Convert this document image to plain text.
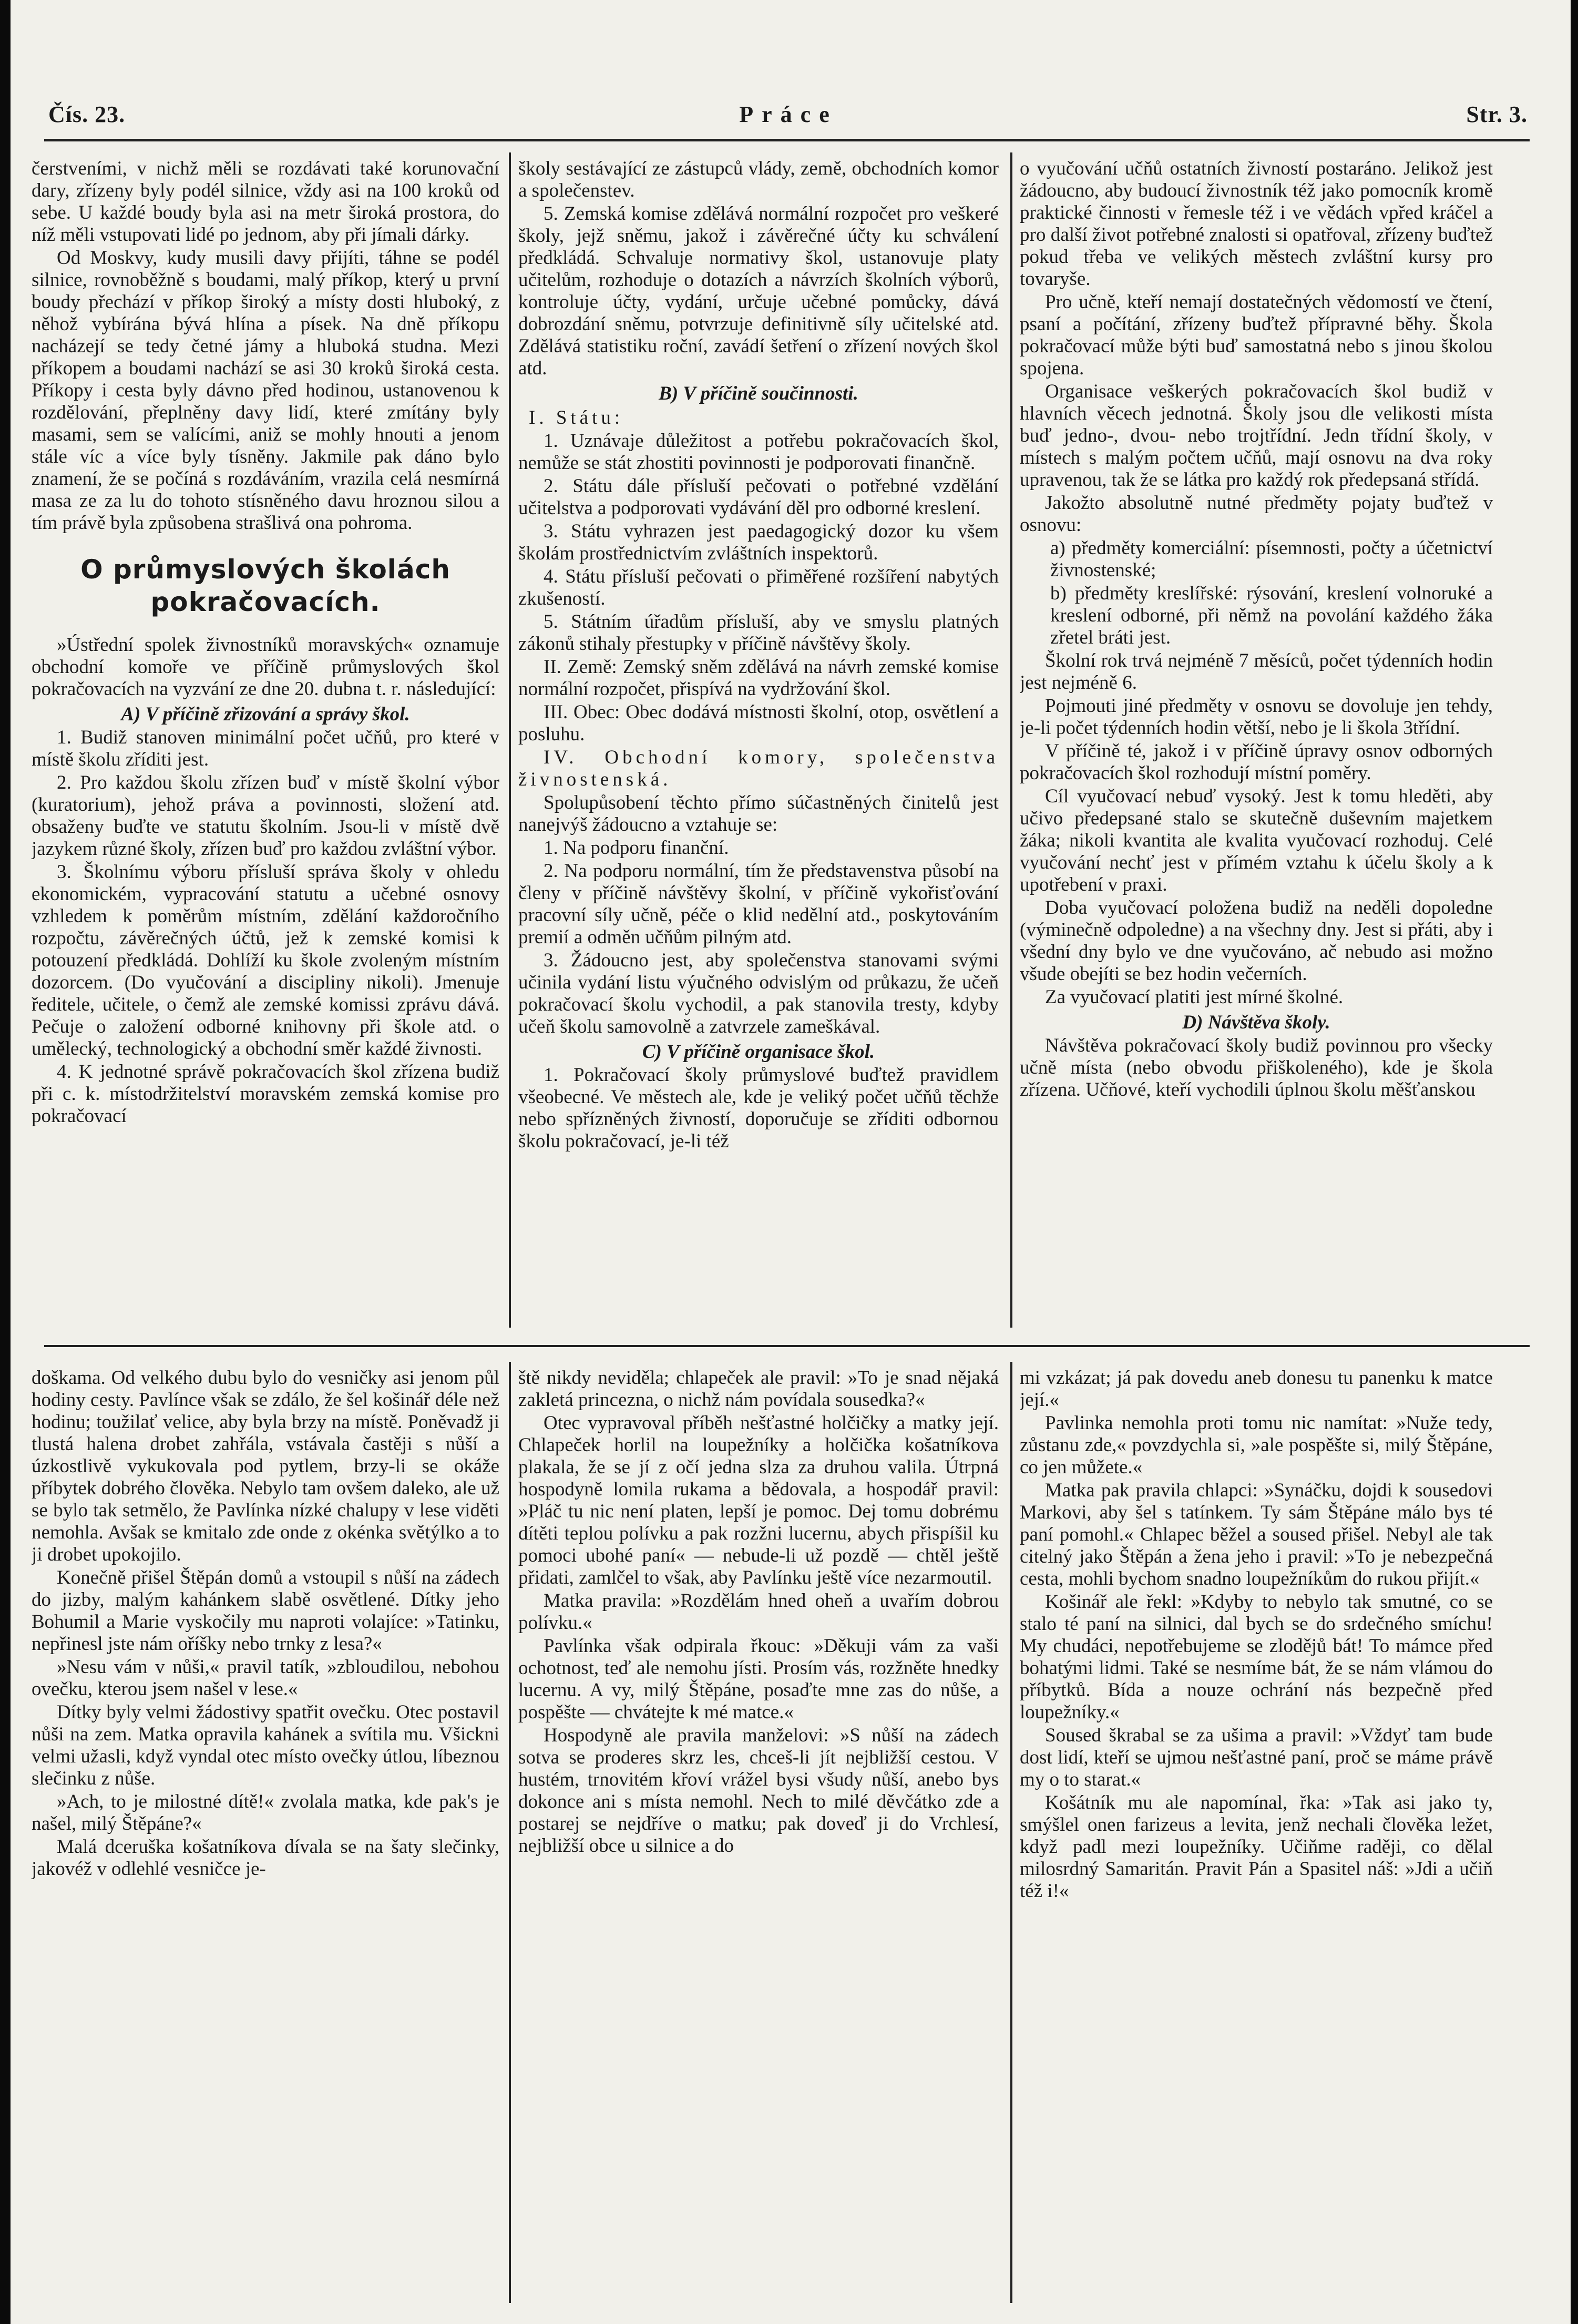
Čís. 23.	Práce	Str. 3.

čerstveními, v nichž měli se rozdávati také korunovační dary, zřízeny byly podél silnice, vždy asi na 100 kroků od sebe. U každé boudy byla asi na metr široká prostora, do níž měli vstupovati lidé po jednom, aby při jímali dárky.

Od Moskvy, kudy musili davy přijíti, táhne se podél silnice, rovnoběžně s boudami, malý příkop, který u první boudy přechází v příkop široký a místy dosti hluboký, z něhož vybírána bývá hlína a písek. Na dně příkopu nacházejí se tedy četné jámy a hluboká studna. Mezi příkopem a boudami nachází se asi 30 kroků široká cesta. Příkopy i cesta byly dávno před hodinou, ustanovenou k rozdělování, přeplněny davy lidí, které zmítány byly masami, sem se valícími, aniž se mohly hnouti a jenom stále víc a více byly tísněny. Jakmile pak dáno bylo znamení, že se počíná s rozdáváním, vrazila celá nesmírná masa ze za lu do tohoto stísněného davu hroznou silou a tím právě byla způsobena strašlivá ona pohroma.

O průmyslových školách pokračovacích.

»Ústřední spolek živnostníků moravských« oznamuje obchodní komoře ve příčině průmyslových škol pokračovacích na vyzvání ze dne 20. dubna t. r. následující:

A) V příčině zřizování a správy škol.

1. Budiž stanoven minimální počet učňů, pro které v místě školu zříditi jest.

2. Pro každou školu zřízen buď v místě školní výbor (kuratorium), jehož práva a povinnosti, složení atd. obsaženy buďte ve statutu školním. Jsou-li v místě dvě jazykem různé školy, zřízen buď pro každou zvláštní výbor.

3. Školnímu výboru přísluší správa školy v ohledu ekonomickém, vypracování statutu a učebné osnovy vzhledem k poměrům místním, zdělání každoročního rozpočtu, závěrečných účtů, jež k zemské komisi k potouzení předkládá. Dohlíží ku škole zvoleným místním dozorcem. (Do vyučování a discipliny nikoli). Jmenuje ředitele, učitele, o čemž ale zemské komissi zprávu dává. Pečuje o založení odborné knihovny při škole atd. o umělecký, technologický a obchodní směr každé živnosti.

4. K jednotné správě pokračovacích škol zřízena budiž při c. k. místodržitelství moravském zemská komise pro pokračovací

školy sestávající ze zástupců vlády, země, obchodních komor a společenstev.

5. Zemská komise zdělává normální rozpočet pro veškeré školy, jejž sněmu, jakož i závěrečné účty ku schválení předkládá. Schvaluje normativy škol, ustanovuje platy učitelům, rozhoduje o dotazích a návrzích školních výborů, kontroluje účty, vydání, určuje učebné pomůcky, dává dobrozdání sněmu, potvrzuje definitivně síly učitelské atd. Zdělává statistiku roční, zavádí šetření o zřízení nových škol atd.

B) V příčině součinnosti.
I. Státu:

1. Uznávaje důležitost a potřebu pokračovacích škol, nemůže se stát zhostiti povinnosti je podporovati finančně.

2. Státu dále přísluší pečovati o potřebné vzdělání učitelstva a podporovati vydávání děl pro odborné kreslení.

3. Státu vyhrazen jest paedagogický dozor ku všem školám prostřednictvím zvláštních inspektorů.

4. Státu přísluší pečovati o přiměřené rozšíření nabytých zkušeností.

5. Státním úřadům přísluší, aby ve smyslu platných zákonů stihaly přestupky v příčině návštěvy školy.

II. Země: Zemský sněm zdělává na návrh zemské komise normální rozpočet, přispívá na vydržování škol.

III. Obec: Obec dodává místnosti školní, otop, osvětlení a posluhu.

IV. Obchodní komory, společenstva živnostenská.

Spolupůsobení těchto přímo súčastněných činitelů jest nanejvýš žádoucno a vztahuje se:

1. Na podporu finanční.

2. Na podporu normální, tím že představenstva působí na členy v příčině návštěvy školní, v příčině vykořisťování pracovní síly učně, péče o klid nedělní atd., poskytováním premií a odměn učňům pilným atd.

3. Žádoucno jest, aby společenstva stanovami svými učinila vydání listu výučného odvislým od průkazu, že učeň pokračovací školu vychodil, a pak stanovila tresty, kdyby učeň školu samovolně a zatvrzele zameškával.

C) V příčině organisace škol.

1. Pokračovací školy průmyslové buďtež pravidlem všeobecné. Ve městech ale, kde je veliký počet učňů těchže nebo spřízněných živností, doporučuje se zříditi odbornou školu pokračovací, je-li též

o vyučování učňů ostatních živností postaráno. Jelikož jest žádoucno, aby budoucí živnostník též jako pomocník kromě praktické činnosti v řemesle též i ve vědách vpřed kráčel a pro další život potřebné znalosti si opatřoval, zřízeny buďtež pokud třeba ve velikých městech zvláštní kursy pro tovaryše.

Pro učně, kteří nemají dostatečných vědomostí ve čtení, psaní a počítání, zřízeny buďtež přípravné běhy. Škola pokračovací může býti buď samostatná nebo s jinou školou spojena.

Organisace veškerých pokračovacích škol budiž v hlavních věcech jednotná. Školy jsou dle velikosti místa buď jedno-, dvou- nebo trojtřídní. Jedn třídní školy, v místech s malým počtem učňů, mají osnovu na dva roky upravenou, tak že se látka pro každý rok předepsaná střídá.

Jakožto absolutně nutné předměty pojaty buďtež v osnovu:

a) předměty komerciální: písemnosti, počty a účetnictví živnostenské;

b) předměty kreslířské: rýsování, kreslení volnoruké a kreslení odborné, při němž na povolání každého žáka zřetel bráti jest.

Školní rok trvá nejméně 7 měsíců, počet týdenních hodin jest nejméně 6.

Pojmouti jiné předměty v osnovu se dovoluje jen tehdy, je-li počet týdenních hodin větší, nebo je li škola 3třídní.

V příčině té, jakož i v příčině úpravy osnov odborných pokračovacích škol rozhodují místní poměry.

Cíl vyučovací nebuď vysoký. Jest k tomu hleděti, aby učivo předepsané stalo se skutečně duševním majetkem žáka; nikoli kvantita ale kvalita vyučovací rozhoduj. Celé vyučování nechť jest v přímém vztahu k účelu školy a k upotřebení v praxi.

Doba vyučovací položena budiž na neděli dopoledne (výminečně odpoledne) a na všechny dny. Jest si přáti, aby i všední dny bylo ve dne vyučováno, ač nebudo asi možno všude obejíti se bez hodin večerních.

Za vyučovací platiti jest mírné školné.

D) Návštěva školy.

Návštěva pokračovací školy budiž povinnou pro všecky učně místa (nebo obvodu přiškoleného), kde je škola zřízena. Učňové, kteří vychodili úplnou školu měšťanskou

doškama. Od velkého dubu bylo do vesničky asi jenom půl hodiny cesty. Pavlínce však se zdálo, že šel košinář déle než hodinu; toužilať velice, aby byla brzy na místě. Poněvadž ji tlustá halena drobet zahřála, vstávala častěji s nůší a úzkostlivě vykukovala pod pytlem, brzy-li se okáže příbytek dobrého člověka. Nebylo tam ovšem daleko, ale už se bylo tak setmělo, že Pavlínka nízké chalupy v lese viděti nemohla. Avšak se kmitalo zde onde z okénka světýlko a to ji drobet upokojilo.

Konečně přišel Štěpán domů a vstoupil s nůší na zádech do jizby, malým kahánkem slabě osvětlené. Dítky jeho Bohumil a Marie vyskočily mu naproti volajíce: »Tatinku, nepřinesl jste nám oříšky nebo trnky z lesa?«

»Nesu vám v nůši,« pravil tatík, »zbloudilou, nebohou ovečku, kterou jsem našel v lese.«

Dítky byly velmi žádostivy spatřit ovečku. Otec postavil nůši na zem. Matka opravila kahánek a svítila mu. Všickni velmi užasli, když vyndal otec místo ovečky útlou, líbeznou slečinku z nůše.

»Ach, to je milostné dítě!« zvolala matka, kde pak's je našel, milý Štěpáne?«

Malá dceruška košatníkova dívala se na šaty slečinky, jakovéž v odlehlé vesničce je-

ště nikdy neviděla; chlapeček ale pravil: »To je snad nějaká zakletá princezna, o nichž nám povídala sousedka?«

Otec vypravoval příběh nešťastné holčičky a matky její. Chlapeček horlil na loupežníky a holčička košatníkova plakala, že se jí z očí jedna slza za druhou valila. Útrpná hospodyně lomila rukama a bědovala, a hospodář pravil: »Pláč tu nic není platen, lepší je pomoc. Dej tomu dobrému dítěti teplou polívku a pak rozžni lucernu, abych přispíšil ku pomoci ubohé paní« — nebude-li už pozdě — chtěl ještě přidati, zamlčel to však, aby Pavlínku ještě více nezarmoutil.

Matka pravila: »Rozdělám hned oheň a uvařím dobrou polívku.«

Pavlínka však odpirala řkouc: »Děkuji vám za vaši ochotnost, teď ale nemohu jísti. Prosím vás, rozžněte hnedky lucernu. A vy, milý Štěpáne, posaďte mne zas do nůše, a pospěšte — chvátejte k mé matce.«

Hospodyně ale pravila manželovi: »S nůší na zádech sotva se proderes skrz les, chceš-li jít nejbližší cestou. V hustém, trnovitém křoví vrážel bysi všudy nůší, anebo bys dokonce ani s místa nemohl. Nech to milé děvčátko zde a postarej se nejdříve o matku; pak doveď ji do Vrchlesí, nejbližší obce u silnice a do

mi vzkázat; já pak dovedu aneb donesu tu panenku k matce její.«

Pavlinka nemohla proti tomu nic namítat: »Nuže tedy, zůstanu zde,« povzdychla si, »ale pospěšte si, milý Štěpáne, co jen můžete.«

Matka pak pravila chlapci: »Synáčku, dojdi k sousedovi Markovi, aby šel s tatínkem. Ty sám Štěpáne málo bys té paní pomohl.« Chlapec běžel a soused přišel. Nebyl ale tak citelný jako Štěpán a žena jeho i pravil: »To je nebezpečná cesta, mohli bychom snadno loupežníkům do rukou přijít.«

Košinář ale řekl: »Kdyby to nebylo tak smutné, co se stalo té paní na silnici, dal bych se do srdečného smíchu! My chudáci, nepotřebujeme se zlodějů bát! To mámce před bohatými lidmi. Také se nesmíme bát, že se nám vlámou do příbytků. Bída a nouze ochrání nás bezpečně před loupežníky.«

Soused škrabal se za ušima a pravil: »Vždyť tam bude dost lidí, kteří se ujmou nešťastné paní, proč se máme právě my o to starat.«

Košátník mu ale napomínal, řka: »Tak asi jako ty, smýšlel onen farizeus a levita, jenž nechali člověka ležet, když padl mezi loupežníky. Učiňme raději, co dělal milosrdný Samaritán. Pravit Pán a Spasitel náš: »Jdi a učiň též i!«
